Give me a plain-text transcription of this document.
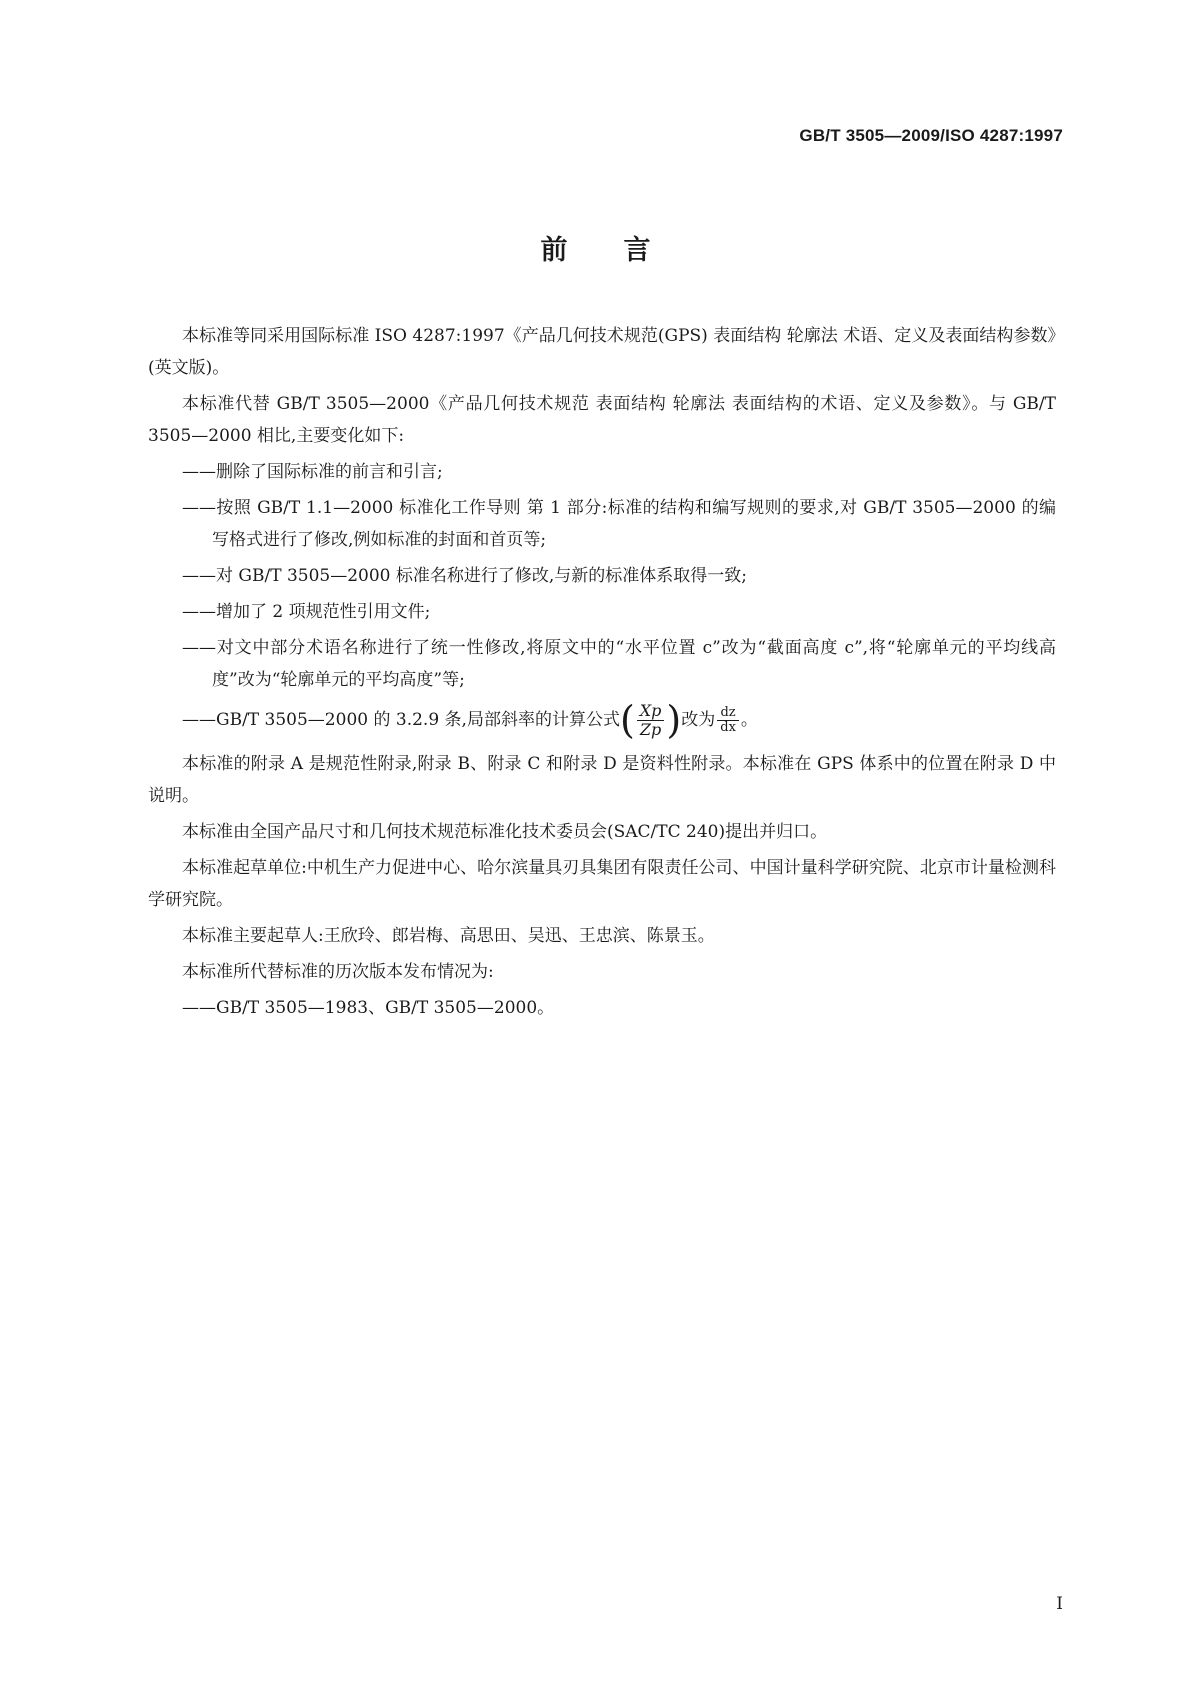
GB/T 3505—2009/ISO 4287:1997
前言

本标准等同采用国际标准 ISO 4287:1997《产品几何技术规范(GPS) 表面结构 轮廓法 术语、定义及表面结构参数》(英文版)。

本标准代替 GB/T 3505—2000《产品几何技术规范 表面结构 轮廓法 表面结构的术语、定义及参数》。与 GB/T 3505—2000 相比,主要变化如下:

——删除了国际标准的前言和引言;

——按照 GB/T 1.1—2000 标准化工作导则 第 1 部分:标准的结构和编写规则的要求,对 GB/T 3505—2000 的编写格式进行了修改,例如标准的封面和首页等;

——对 GB/T 3505—2000 标准名称进行了修改,与新的标准体系取得一致;

——增加了 2 项规范性引用文件;

——对文中部分术语名称进行了统一性修改,将原文中的“水平位置 c”改为“截面高度 c”,将“轮廓单元的平均线高度”改为“轮廓单元的平均高度”等;

——GB/T 3505—2000 的 3.2.9 条,局部斜率的计算公式 ( $\frac{Xp}{Zp}$ ) 改为 $\frac{dz}{dx}$ 。

本标准的附录 A 是规范性附录,附录 B、附录 C 和附录 D 是资料性附录。本标准在 GPS 体系中的位置在附录 D 中说明。

本标准由全国产品尺寸和几何技术规范标准化技术委员会(SAC/TC 240)提出并归口。

本标准起草单位:中机生产力促进中心、哈尔滨量具刃具集团有限责任公司、中国计量科学研究院、北京市计量检测科学研究院。

本标准主要起草人:王欣玲、郎岩梅、高思田、吴迅、王忠滨、陈景玉。

本标准所代替标准的历次版本发布情况为:

——GB/T 3505—1983、GB/T 3505—2000。

I
